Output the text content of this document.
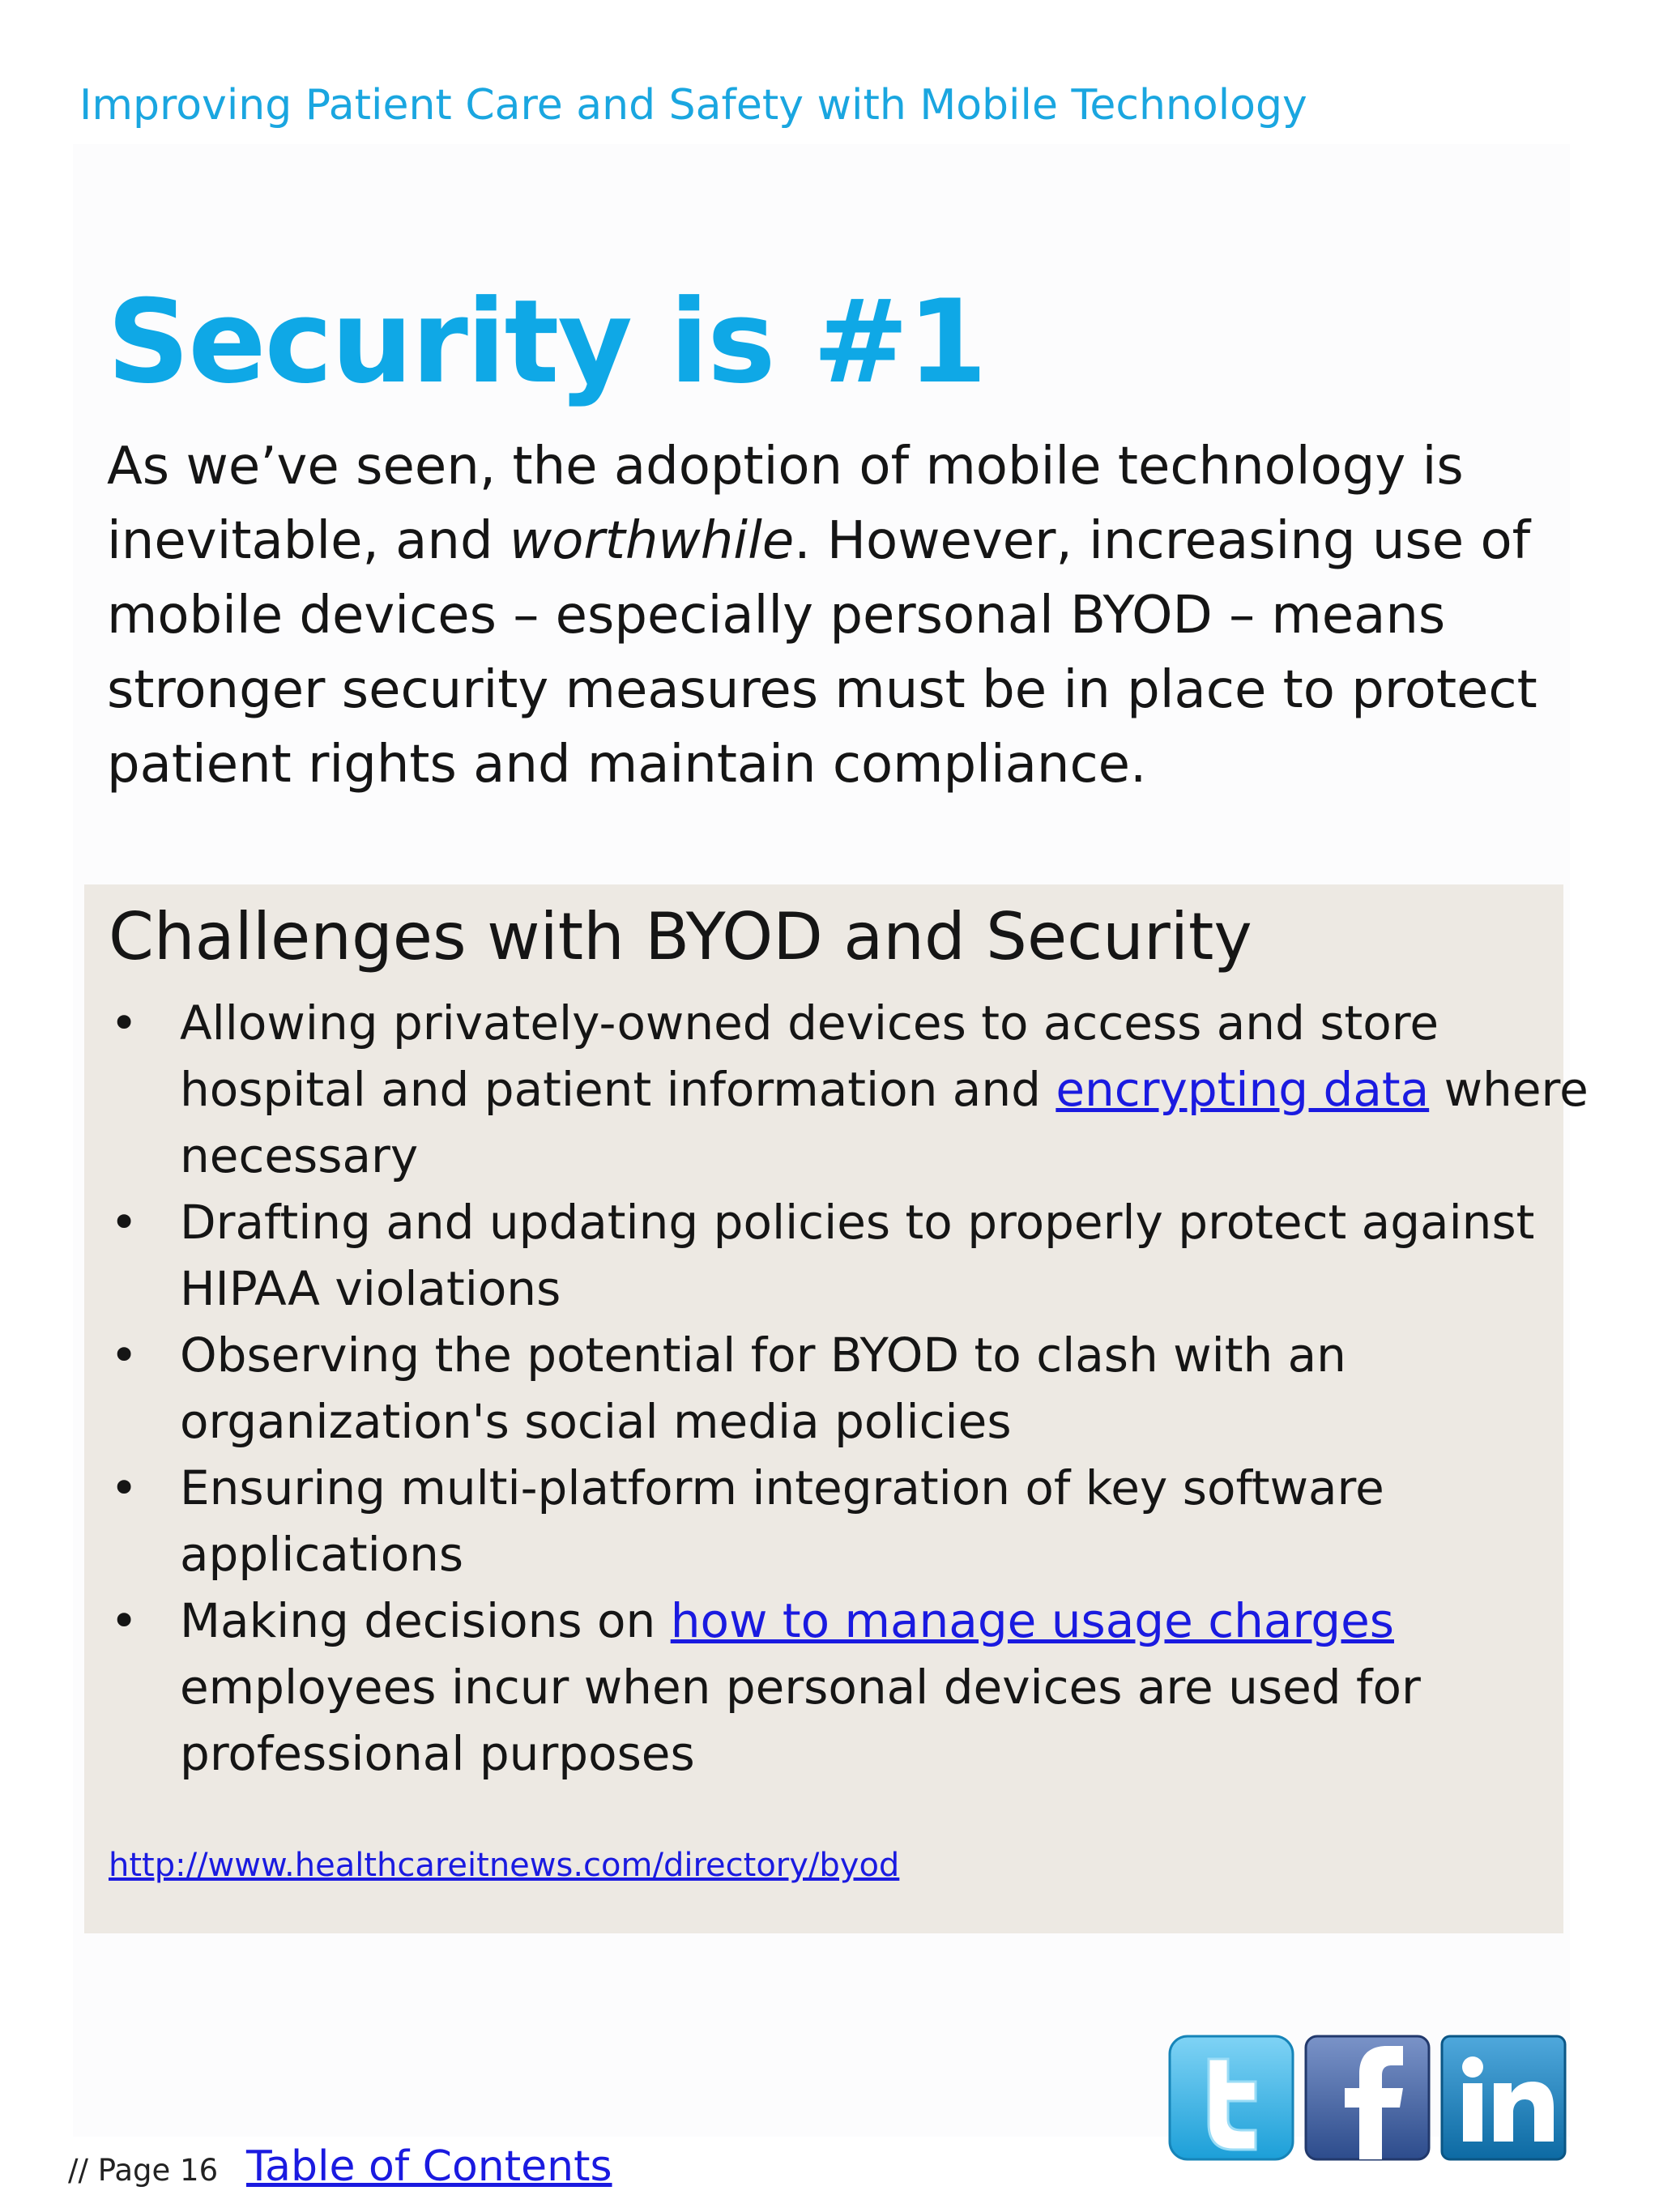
Improving Patient Care and Safety with Mobile Technology
Security is #1

As we’ve seen, the adoption of mobile technology is

inevitable, and worthwhile. However, increasing use of

mobile devices – especially personal BYOD – means

stronger security measures must be in place to protect

patient rights and maintain compliance.

Challenges with BYOD and Security
• Allowing privately-owned devices to access and store
hospital and patient information and encrypting data where
necessary
• Drafting and updating policies to properly protect against
HIPAA violations
• Observing the potential for BYOD to clash with an
organization's social media policies
• Ensuring multi-platform integration of key software
applications
• Making decisions on how to manage usage charges
employees incur when personal devices are used for
professional purposes
http://www.healthcareitnews.com/directory/byod
// Page 16 Table of Contents
